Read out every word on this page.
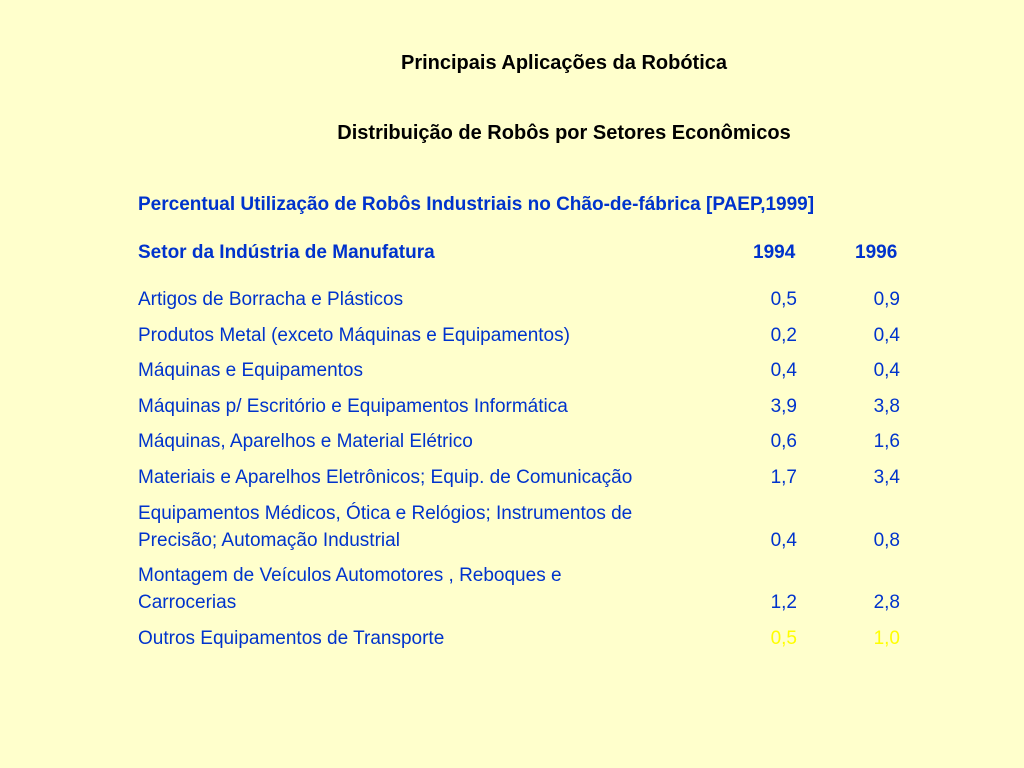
Principais Aplicações da Robótica
Distribuição de Robôs por Setores Econômicos
Percentual Utilização de Robôs Industriais no Chão-de-fábrica [PAEP,1999]
Setor da Indústria de Manufatura	1994	1996
Artigos de Borracha e Plásticos	0,5	0,9
Produtos Metal (exceto Máquinas e Equipamentos)	0,2	0,4
Máquinas e Equipamentos	0,4	0,4
Máquinas p/ Escritório e Equipamentos Informática	3,9	3,8
Máquinas, Aparelhos e Material Elétrico	0,6	1,6
Materiais e Aparelhos Eletrônicos; Equip. de Comunicação	1,7	3,4
Equipamentos Médicos, Ótica e Relógios; Instrumentos de
Precisão; Automação Industrial	0,4	0,8
Montagem de Veículos Automotores , Reboques e
Carrocerias	1,2	2,8
Outros Equipamentos de Transporte	0,5	1,0
